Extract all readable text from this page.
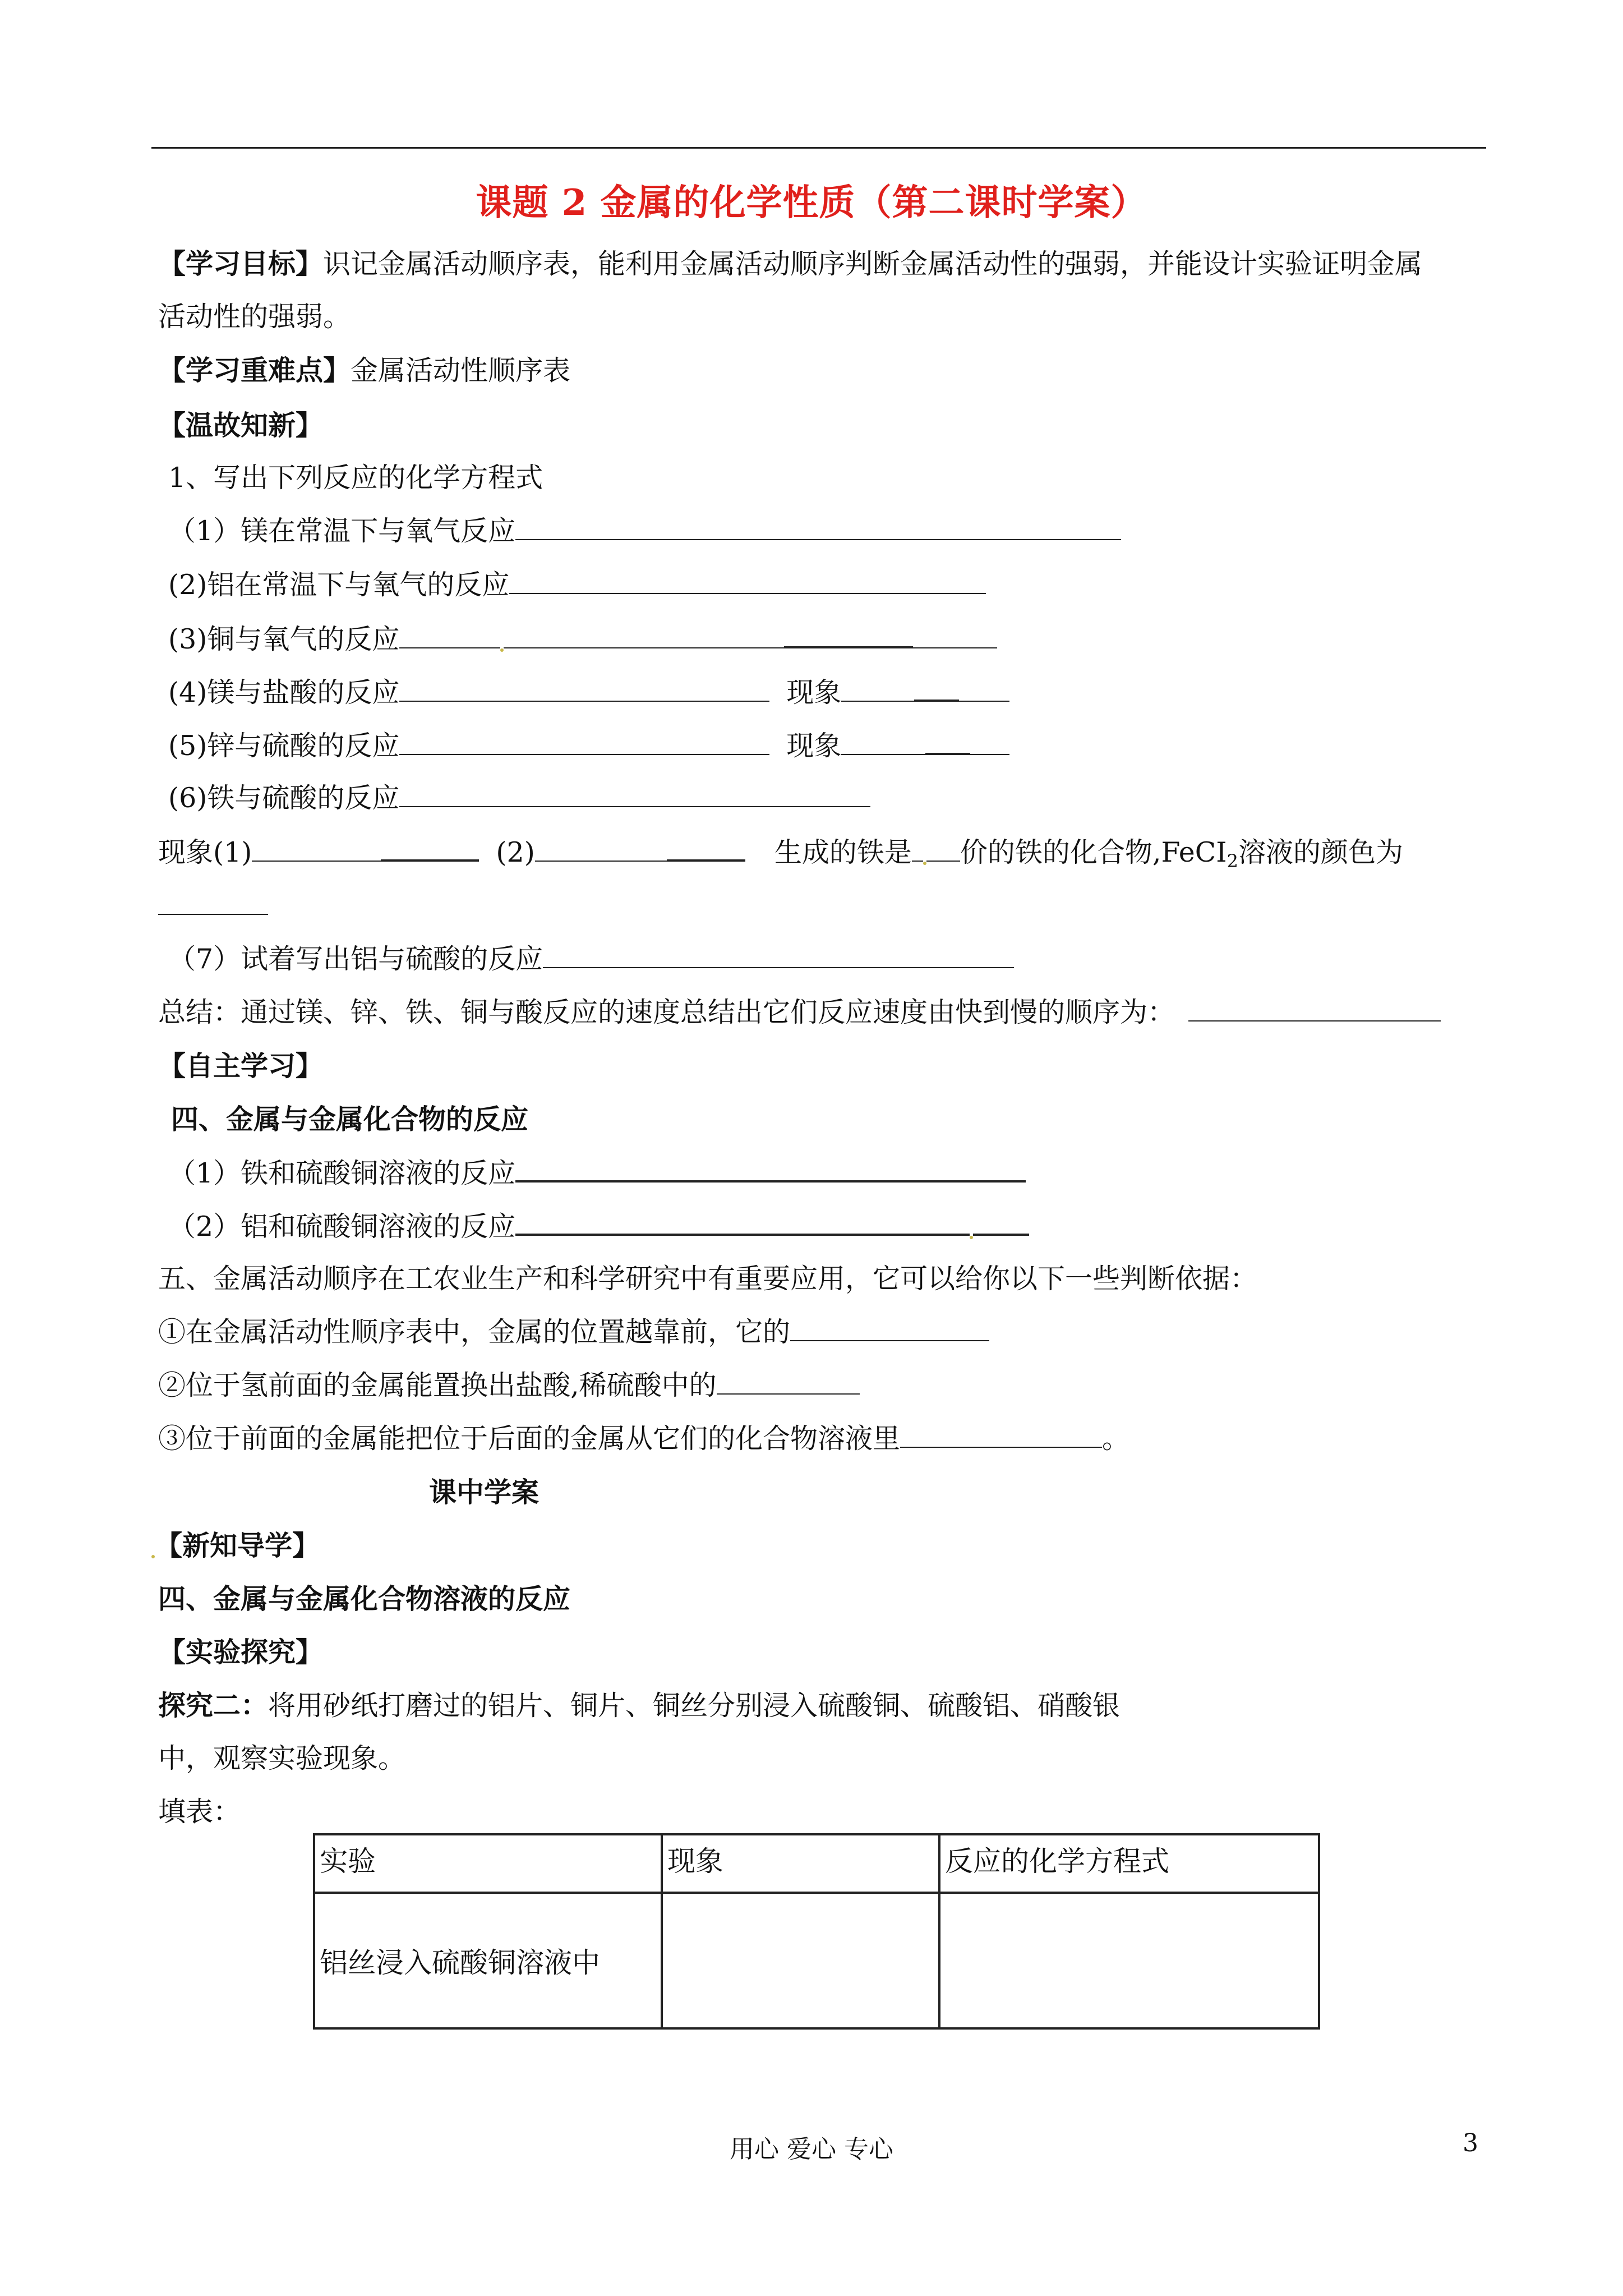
课题 2 金属的化学性质（第二课时学案）
【学习目标】识记金属活动顺序表，能利用金属活动顺序判断金属活动性的强弱，并能设计实验证明金属
活动性的强弱。
【学习重难点】金属活动性顺序表
【温故知新】
1、写出下列反应的化学方程式
（1）镁在常温下与氧气反应
(2)铝在常温下与氧气的反应
(3)铜与氧气的反应
(4)镁与盐酸的反应	现象
(5)锌与硫酸的反应	现象
(6)铁与硫酸的反应
现象(1)	(2)	生成的铁是 价的铁的化合物,FeCI$_2$溶液的颜色为
（7）试着写出铝与硫酸的反应
总结：通过镁、锌、铁、铜与酸反应的速度总结出它们反应速度由快到慢的顺序为：
【自主学习】
四、金属与金属化合物的反应
（1）铁和硫酸铜溶液的反应
（2）铝和硫酸铜溶液的反应
五、金属活动顺序在工农业生产和科学研究中有重要应用，它可以给你以下一些判断依据：
①在金属活动性顺序表中，金属的位置越靠前，它的
②位于氢前面的金属能置换出盐酸,稀硫酸中的
③位于前面的金属能把位于后面的金属从它们的化合物溶液里	。
课中学案
【新知导学】
四、金属与金属化合物溶液的反应
【实验探究】
探究二：将用砂纸打磨过的铝片、铜片、铜丝分别浸入硫酸铜、硫酸铝、硝酸银
中，观察实验现象。
填表：
实验	现象	反应的化学方程式
铝丝浸入硫酸铜溶液中		
用心 爱心 专心	3
